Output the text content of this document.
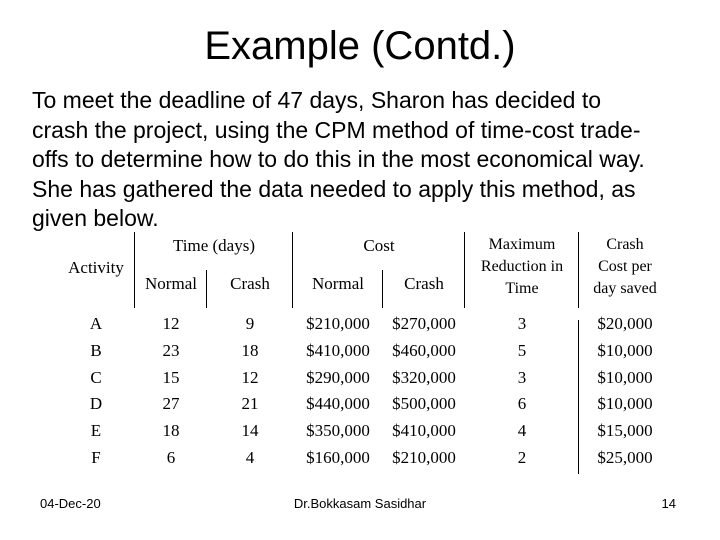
Example (Contd.)
To meet the deadline of 47 days, Sharon has decided to
crash the project, using the CPM method of time-cost trade-
offs to determine how to do this in the most economical way.
She has gathered the data needed to apply this method, as
given below.
Activity
Time (days)	Cost
Normal	Crash	Normal	Crash
Maximum
Reduction in
Time
Crash
Cost per
day saved
A	12	9	$210,000	$270,000	3	$20,000
B	23	18	$410,000	$460,000	5	$10,000
C	15	12	$290,000	$320,000	3	$10,000
D	27	21	$440,000	$500,000	6	$10,000
E	18	14	$350,000	$410,000	4	$15,000
F	6	4	$160,000	$210,000	2	$25,000
04-Dec-20	Dr.Bokkasam Sasidhar	14
